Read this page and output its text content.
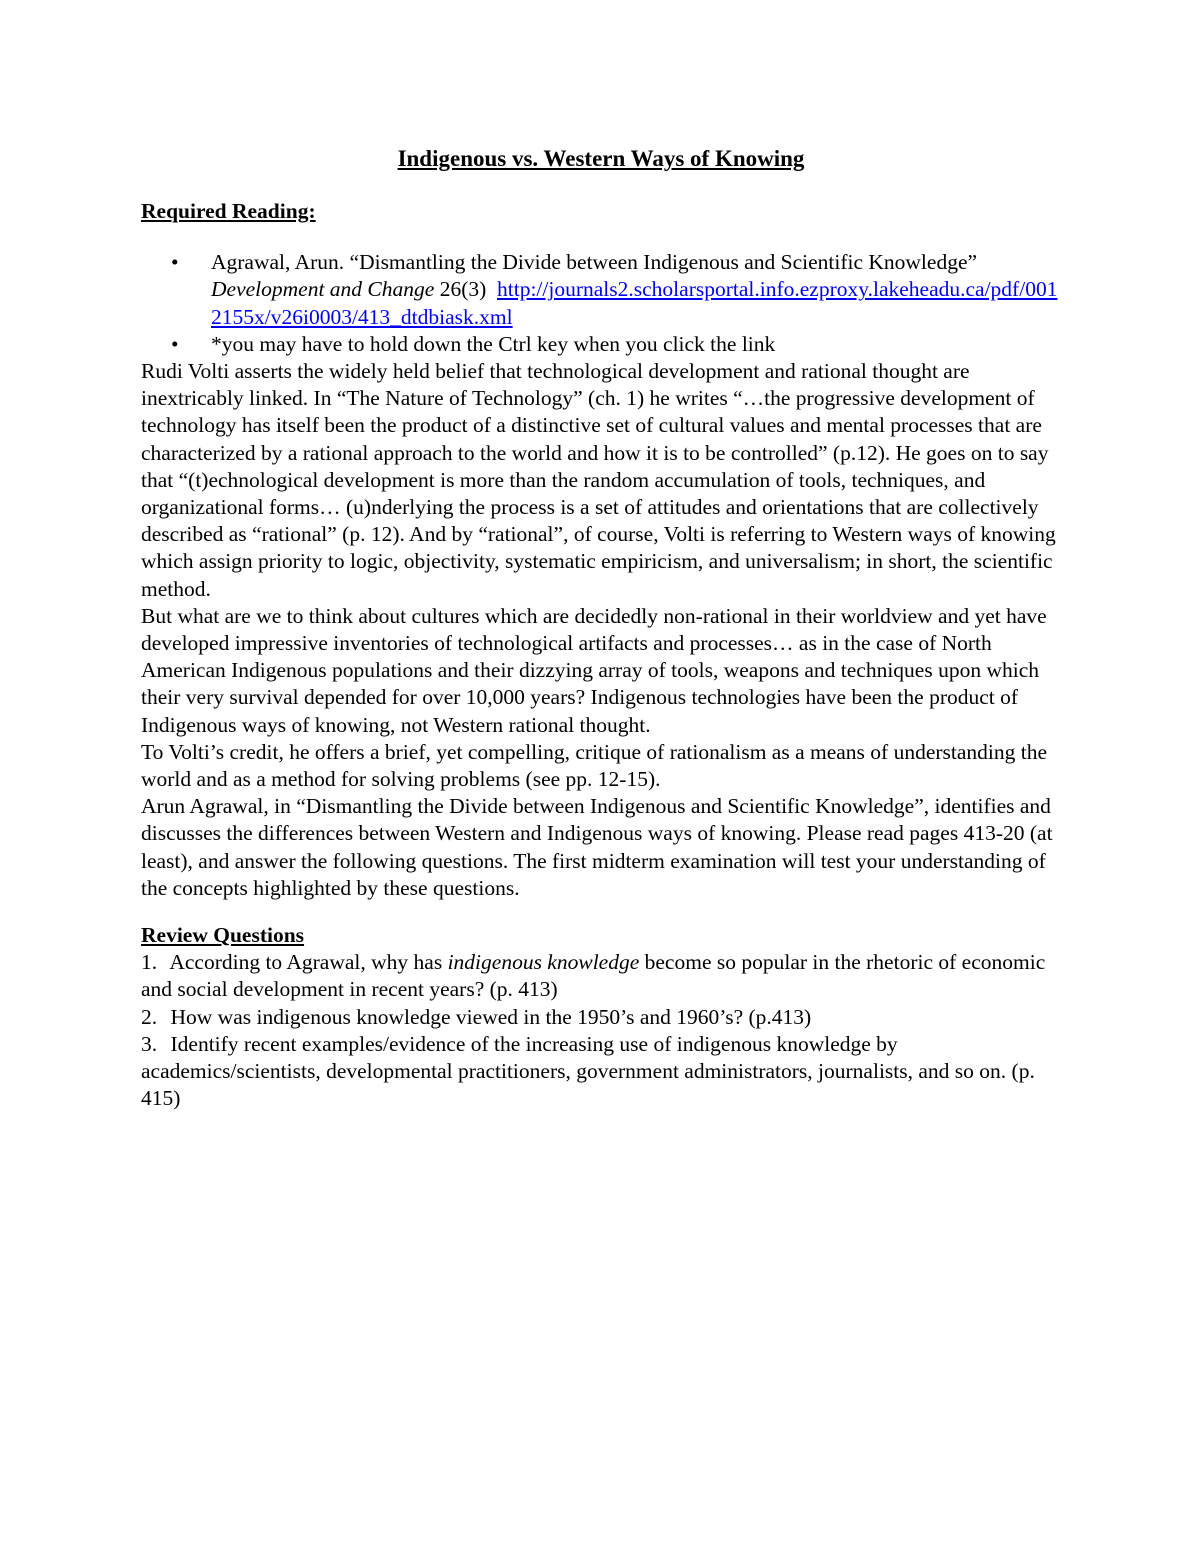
Indigenous vs. Western Ways of Knowing

Required Reading:

• Agrawal, Arun. “Dismantling the Divide between Indigenous and Scientific Knowledge” Development and Change 26(3) http://journals2.scholarsportal.info.ezproxy.lakeheadu.ca/pdf/0012155x/v26i0003/413_dtdbiask.xml
• *you may have to hold down the Ctrl key when you click the link

Rudi Volti asserts the widely held belief that technological development and rational thought are inextricably linked. In “The Nature of Technology” (ch. 1) he writes “…the progressive development of technology has itself been the product of a distinctive set of cultural values and mental processes that are characterized by a rational approach to the world and how it is to be controlled” (p.12). He goes on to say that “(t)echnological development is more than the random accumulation of tools, techniques, and organizational forms… (u)nderlying the process is a set of attitudes and orientations that are collectively described as “rational” (p. 12). And by “rational”, of course, Volti is referring to Western ways of knowing which assign priority to logic, objectivity, systematic empiricism, and universalism; in short, the scientific method.

But what are we to think about cultures which are decidedly non-rational in their worldview and yet have developed impressive inventories of technological artifacts and processes… as in the case of North American Indigenous populations and their dizzying array of tools, weapons and techniques upon which their very survival depended for over 10,000 years? Indigenous technologies have been the product of Indigenous ways of knowing, not Western rational thought.

To Volti’s credit, he offers a brief, yet compelling, critique of rationalism as a means of understanding the world and as a method for solving problems (see pp. 12-15).

Arun Agrawal, in “Dismantling the Divide between Indigenous and Scientific Knowledge”, identifies and discusses the differences between Western and Indigenous ways of knowing. Please read pages 413-20 (at least), and answer the following questions. The first midterm examination will test your understanding of the concepts highlighted by these questions.

Review Questions

1. According to Agrawal, why has indigenous knowledge become so popular in the rhetoric of economic and social development in recent years? (p. 413)

2. How was indigenous knowledge viewed in the 1950’s and 1960’s? (p.413)

3. Identify recent examples/evidence of the increasing use of indigenous knowledge by academics/scientists, developmental practitioners, government administrators, journalists, and so on. (p. 415)
